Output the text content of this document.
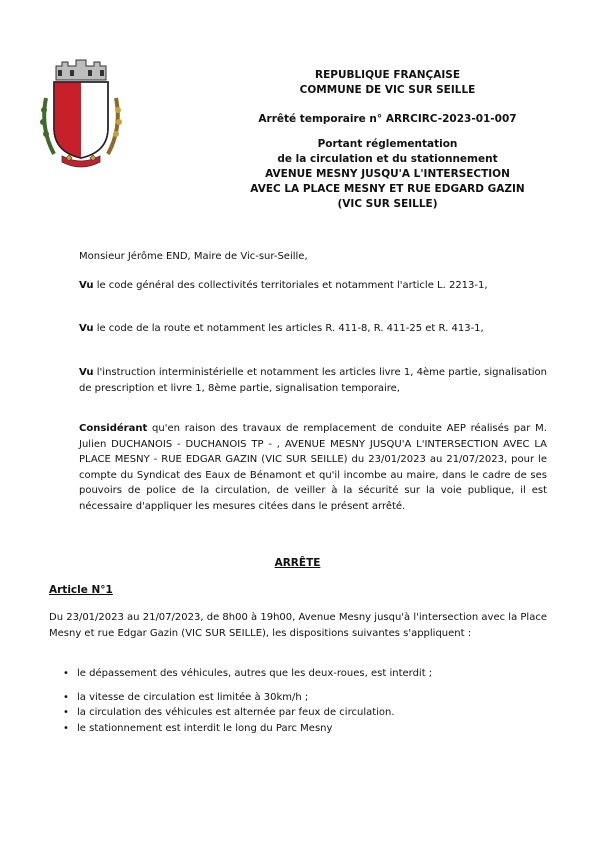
REPUBLIQUE FRANÇAISE
COMMUNE DE VIC SUR SEILLE
Arrêté temporaire n° ARRCIRC-2023-01-007
Portant réglementation
de la circulation et du stationnement
AVENUE MESNY JUSQU'A L'INTERSECTION
AVEC LA PLACE MESNY ET RUE EDGARD GAZIN
(VIC SUR SEILLE)

Monsieur Jérôme END, Maire de Vic-sur-Seille,

Vu le code général des collectivités territoriales et notamment l'article L. 2213-1,

Vu le code de la route et notamment les articles R. 411-8, R. 411-25 et R. 413-1,

Vu l'instruction interministérielle et notamment les articles livre 1, 4ème partie, signalisation de prescription et livre 1, 8ème partie, signalisation temporaire,

Considérant qu'en raison des travaux de remplacement de conduite AEP réalisés par M. Julien DUCHANOIS - DUCHANOIS TP - , AVENUE MESNY JUSQU'A L'INTERSECTION AVEC LA PLACE MESNY - RUE EDGAR GAZIN (VIC SUR SEILLE) du 23/01/2023 au 21/07/2023, pour le compte du Syndicat des Eaux de Bénamont et qu'il incombe au maire, dans le cadre de ses pouvoirs de police de la circulation, de veiller à la sécurité sur la voie publique, il est nécessaire d'appliquer les mesures citées dans le présent arrêté.

ARRÊTE
Article N°1

Du 23/01/2023 au 21/07/2023, de 8h00 à 19h00, Avenue Mesny jusqu'à l'intersection avec la Place Mesny et rue Edgar Gazin (VIC SUR SEILLE), les dispositions suivantes s'appliquent :

• le dépassement des véhicules, autres que les deux-roues, est interdit ;
• la vitesse de circulation est limitée à 30km/h ;
• la circulation des véhicules est alternée par feux de circulation.
• le stationnement est interdit le long du Parc Mesny
